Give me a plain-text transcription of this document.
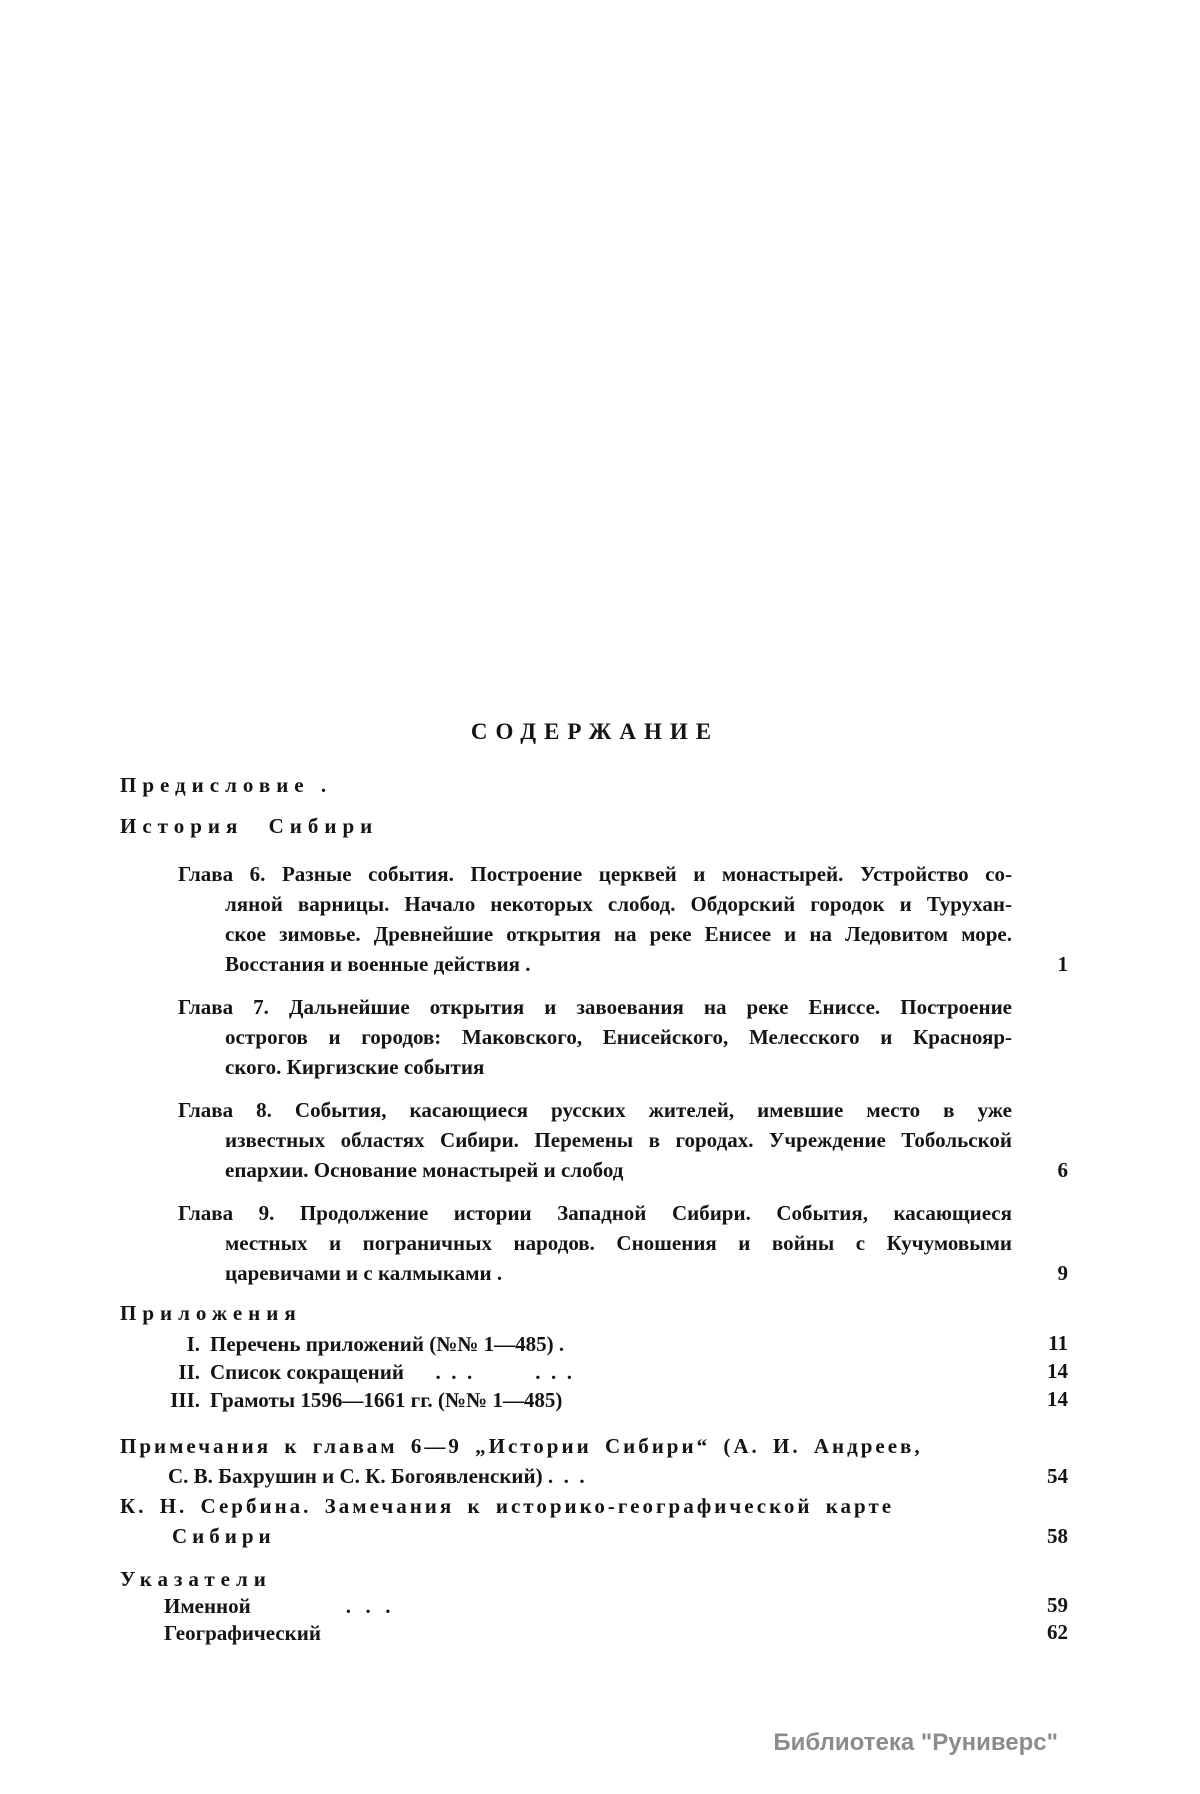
СОДЕРЖАНИЕ
Предисловие .
История Сибири
Глава 6. Разные события. Построение церквей и монастырей. Устройство со-
ляной варницы. Начало некоторых слобод. Обдорский городок и Турухан-
ское зимовье. Древнейшие открытия на реке Енисее и на Ледовитом море.
Восстания и военные действия .	1
Глава 7. Дальнейшие открытия и завоевания на реке Ениссе. Построение
острогов и городов: Маковского, Енисейского, Мелесского и Краснояр-
ского. Киргизские события
Глава 8. События, касающиеся русских жителей, имевшие место в уже
известных областях Сибири. Перемены в городах. Учреждение Тобольской
епархии. Основание монастырей и слобод	6
Глава 9. Продолжение истории Западной Сибири. События, касающиеся
местных и пограничных народов. Сношения и войны с Кучумовыми
царевичами и с калмыками .	9
Приложения
I. Перечень приложений (№№ 1—485) .	11
II. Список сокращений  . . .   . . .	14
III. Грамоты 1596—1661 гг. (№№ 1—485)	14
Примечания к главам 6—9 „Истории Сибири“ (А. И. Андреев,
С. В. Бахрушин и С. К. Богоявленский) . . .	54
К. Н. Сербина. Замечания к историко-географической карте
Сибири	58
Указатели
Именной	. . .	59
Географический	62
Библиотека "Руниверс"
